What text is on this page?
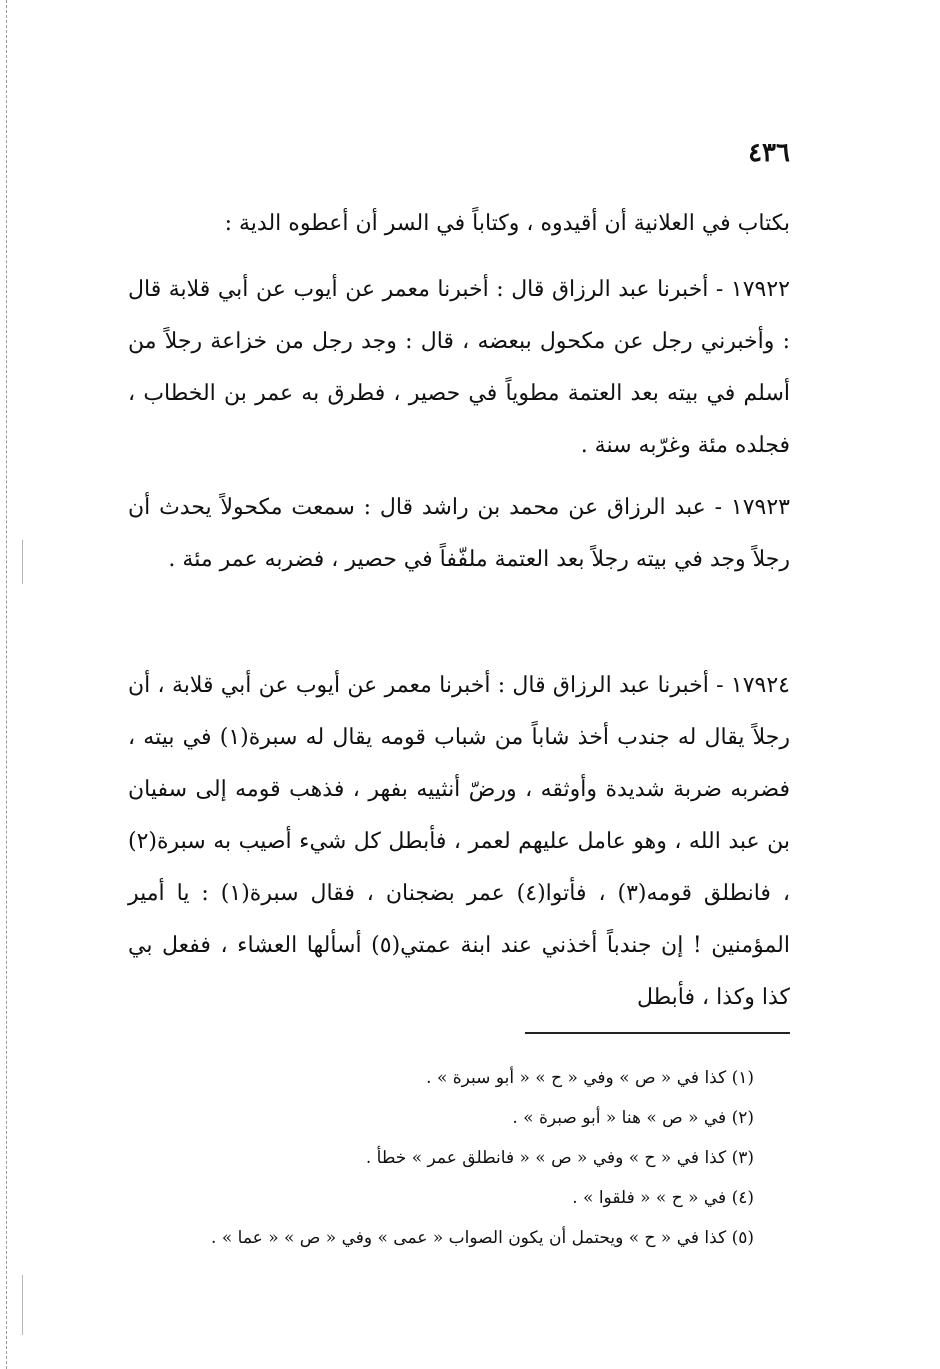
٤٣٦

بكتاب في العلانية أن أقيدوه ، وكتاباً في السر أن أعطوه الدية :

١٧٩٢٢ - أخبرنا عبد الرزاق قال : أخبرنا معمر عن أيوب عن أبي قلابة قال : وأخبرني رجل عن مكحول ببعضه ، قال : وجد رجل من خزاعة رجلاً من أسلم في بيته بعد العتمة مطوياً في حصير ، فطرق به عمر بن الخطاب ، فجلده مئة وغرّبه سنة .

١٧٩٢٣ - عبد الرزاق عن محمد بن راشد قال : سمعت مكحولاً يحدث أن رجلاً وجد في بيته رجلاً بعد العتمة ملفّفاً في حصير ، فضربه عمر مئة .

١٧٩٢٤ - أخبرنا عبد الرزاق قال : أخبرنا معمر عن أيوب عن أبي قلابة ، أن رجلاً يقال له جندب أخذ شاباً من شباب قومه يقال له سبرة(١) في بيته ، فضربه ضربة شديدة وأوثقه ، ورضّ أنثييه بفهر ، فذهب قومه إلى سفيان بن عبد الله ، وهو عامل عليهم لعمر ، فأبطل كل شيء أصيب به سبرة(٢) ، فانطلق قومه(٣) ، فأتوا(٤) عمر بضجنان ، فقال سبرة(١) : يا أمير المؤمنين ! إن جندباً أخذني عند ابنة عمتي(٥) أسألها العشاء ، ففعل بي كذا وكذا ، فأبطل

(١) كذا في « ص » وفي « ح » « أبو سبرة » .
(٢) في « ص » هنا « أبو صبرة » .
(٣) كذا في « ح » وفي « ص » « فانطلق عمر » خطأ .
(٤) في « ح » « فلقوا » .
(٥) كذا في « ح » ويحتمل أن يكون الصواب « عمى » وفي « ص » « عما » .
